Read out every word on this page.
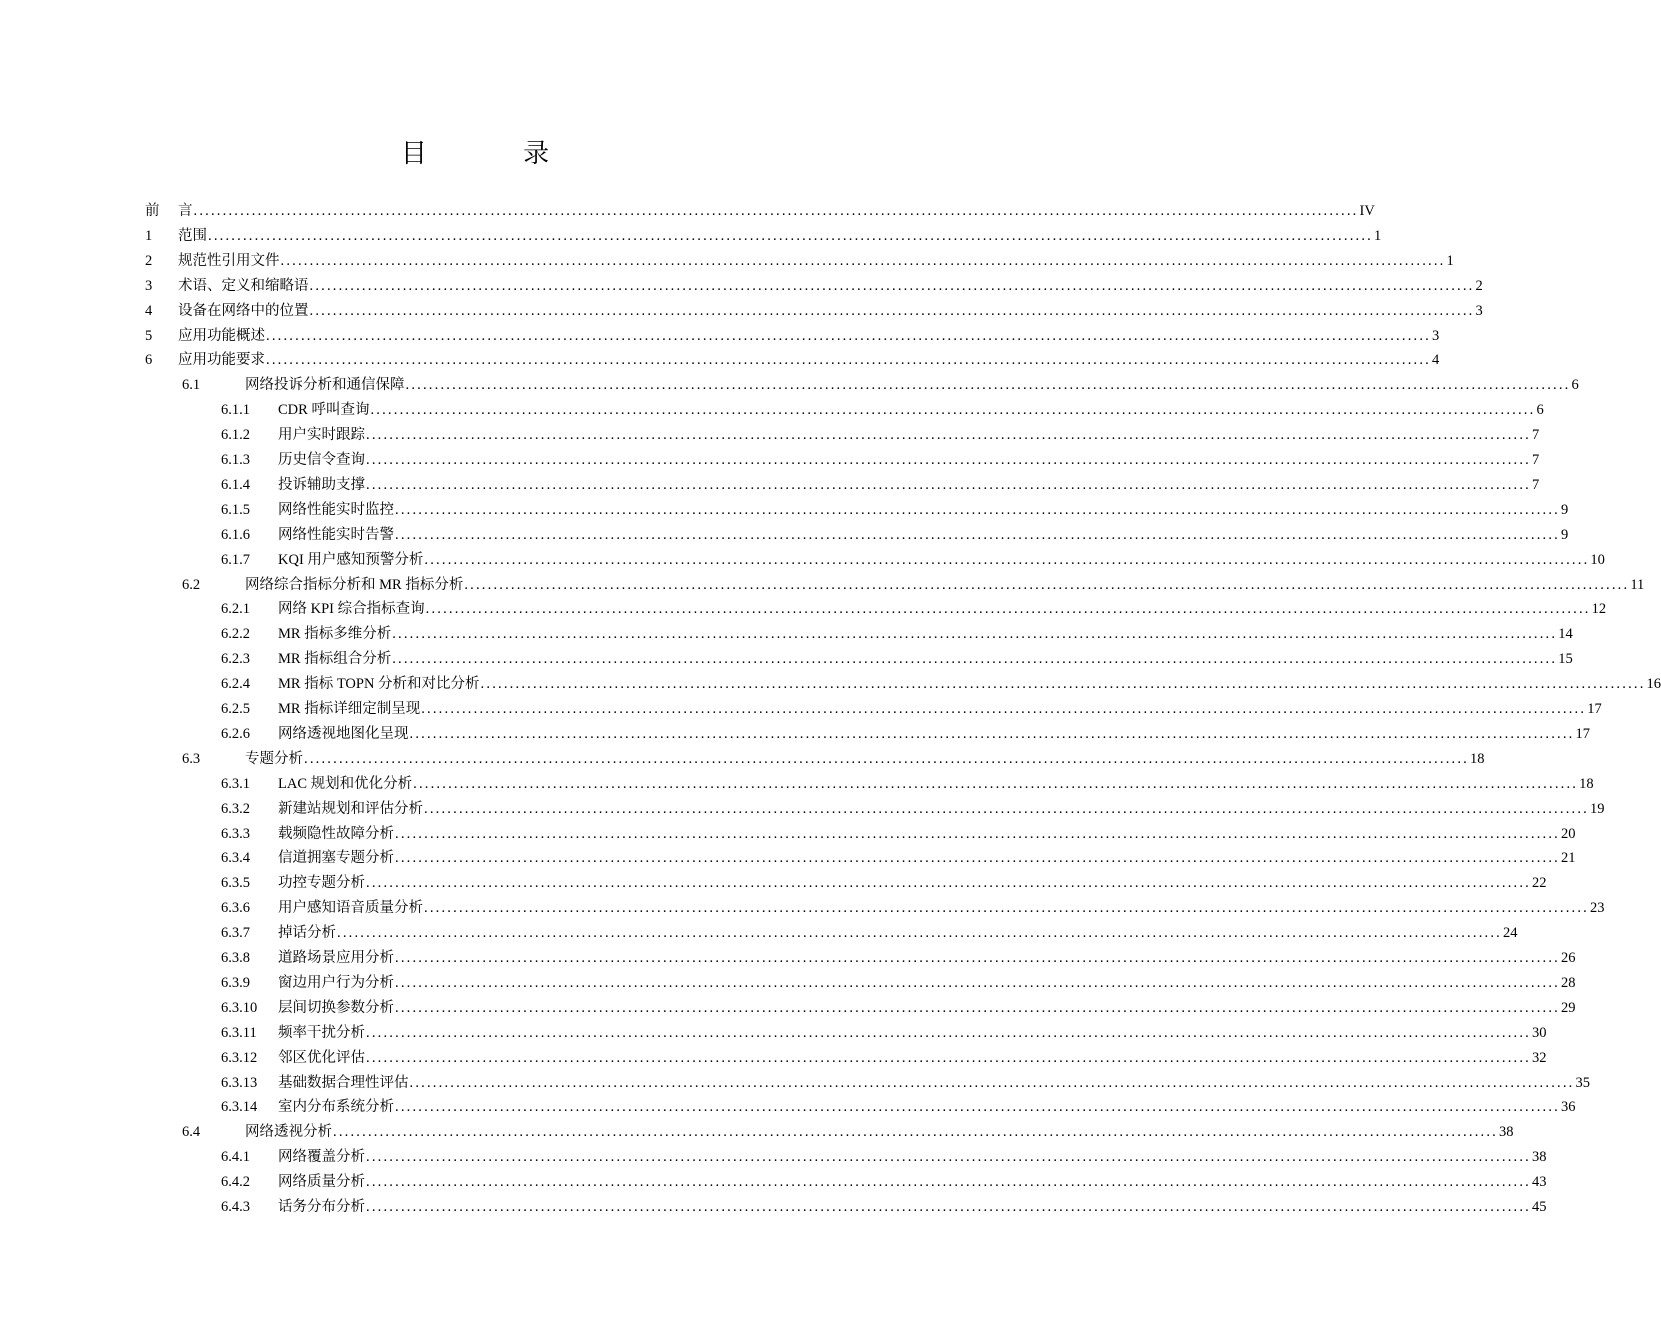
目 录
前 言 ........................................................................................................................................................................................................ IV
1 范围 ........................................................................................................................................................................................................ 1
2 规范性引用文件 ........................................................................................................................................................................................................ 1
3 术语、定义和缩略语 ........................................................................................................................................................................................................ 2
4 设备在网络中的位置 ........................................................................................................................................................................................................ 3
5 应用功能概述 ........................................................................................................................................................................................................ 3
6 应用功能要求 ........................................................................................................................................................................................................ 4
6.1	网络投诉分析和通信保障 ........................................................................................................................................................................................................ 6
6.1.1 CDR 呼叫查询 ........................................................................................................................................................................................................ 6
6.1.2 用户实时跟踪 ........................................................................................................................................................................................................ 7
6.1.3 历史信令查询 ........................................................................................................................................................................................................ 7
6.1.4 投诉辅助支撑 ........................................................................................................................................................................................................ 7
6.1.5 网络性能实时监控 ........................................................................................................................................................................................................ 9
6.1.6 网络性能实时告警 ........................................................................................................................................................................................................ 9
6.1.7 KQI 用户感知预警分析 ........................................................................................................................................................................................................ 10
6.2	网络综合指标分析和 MR 指标分析 ........................................................................................................................................................................................................ 11
6.2.1 网络 KPI 综合指标查询 ........................................................................................................................................................................................................ 12
6.2.2 MR 指标多维分析 ........................................................................................................................................................................................................ 14
6.2.3 MR 指标组合分析 ........................................................................................................................................................................................................ 15
6.2.4 MR 指标 TOPN 分析和对比分析 ........................................................................................................................................................................................................ 16
6.2.5 MR 指标详细定制呈现 ........................................................................................................................................................................................................ 17
6.2.6 网络透视地图化呈现 ........................................................................................................................................................................................................ 17
6.3	专题分析 ........................................................................................................................................................................................................ 18
6.3.1 LAC 规划和优化分析 ........................................................................................................................................................................................................ 18
6.3.2 新建站规划和评估分析 ........................................................................................................................................................................................................ 19
6.3.3 载频隐性故障分析 ........................................................................................................................................................................................................ 20
6.3.4 信道拥塞专题分析 ........................................................................................................................................................................................................ 21
6.3.5 功控专题分析 ........................................................................................................................................................................................................ 22
6.3.6 用户感知语音质量分析 ........................................................................................................................................................................................................ 23
6.3.7 掉话分析 ........................................................................................................................................................................................................ 24
6.3.8 道路场景应用分析 ........................................................................................................................................................................................................ 26
6.3.9 窗边用户行为分析 ........................................................................................................................................................................................................ 28
6.3.10 层间切换参数分析 ........................................................................................................................................................................................................ 29
6.3.11 频率干扰分析 ........................................................................................................................................................................................................ 30
6.3.12 邻区优化评估 ........................................................................................................................................................................................................ 32
6.3.13 基础数据合理性评估 ........................................................................................................................................................................................................ 35
6.3.14 室内分布系统分析 ........................................................................................................................................................................................................ 36
6.4	网络透视分析 ........................................................................................................................................................................................................ 38
6.4.1 网络覆盖分析 ........................................................................................................................................................................................................ 38
6.4.2 网络质量分析 ........................................................................................................................................................................................................ 43
6.4.3 话务分布分析 ........................................................................................................................................................................................................ 45
